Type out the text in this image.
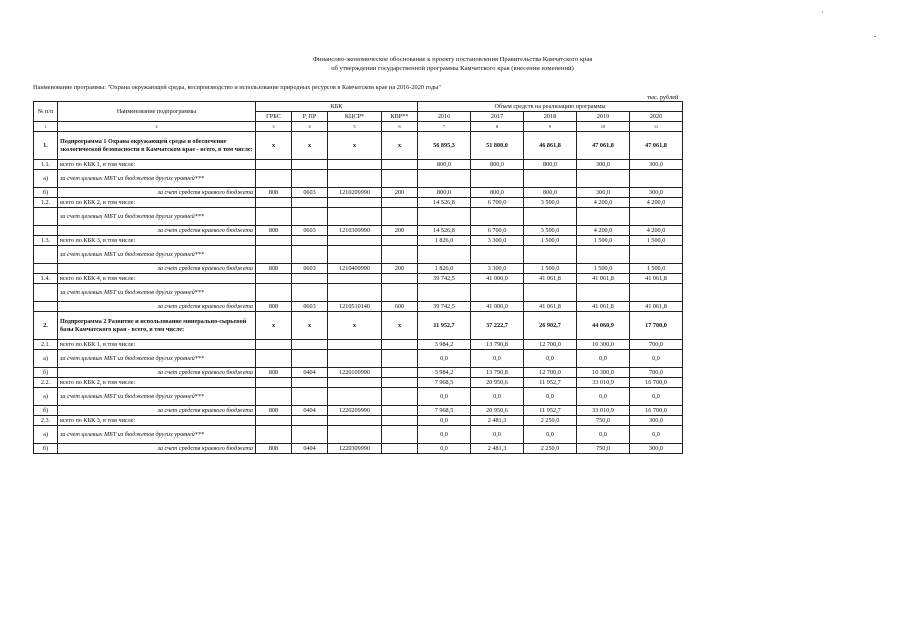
Финансово-экономическое обоснование к проекту постановления Правительства Камчатского края
об утверждении государственной программы Камчатского края (внесении изменений)
Наименование программы: "Охрана окружающей среды, воспроизводство и использование природных ресурсов в Камчатском крае на 2016-2020 годы"
тыс. рублей
№ п/п	Наименование подпрограммы	КБК				Объем средств на реализацию программы				
		ГРБС	Р, ПР	КЦСР*	КВР**	2016	2017	2018	2019	2020
1	2	3	4	5	6	7	8	9	10	11
1.	Подпрограмма 1 Охрана окружающей среды и обеспечение экологической безопасности в Камчатском крае - всего, в том числе:	х	х	х	х	56 895,3	51 800,0	46 861,8	47 061,8	47 061,8
1.1.	всего по КБК 1, в том числе:					800,0	800,0	800,0	300,0	300,0
а)	за счет целевых МБТ из бюджетов других уровней***									
б)	за счет средств краевого бюджета	808	0603	1210209990	200	800,0	800,0	800,0	300,0	300,0
1.2.	всего по КБК 2, в том числе:					14 526,8	6 700,0	3 500,0	4 200,0	4 200,0
	за счет целевых МБТ из бюджетов других уровней***									
	за счет средств краевого бюджета	808	0603	1210309990	200	14 526,8	6 700,0	3 500,0	4 200,0	4 200,0
1.3.	всего по КБК 3, в том числе:					1 826,0	3 300,0	1 500,0	1 500,0	1 500,0
	за счет целевых МБТ из бюджетов других уровней***									
	за счет средств краевого бюджета	808	0603	1210409990	200	1 826,0	3 300,0	1 500,0	1 500,0	1 500,0
1.4.	всего по КБК 4, в том числе:					39 742,5	41 000,0	41 061,8	41 061,8	41 061,8
	за счет целевых МБТ из бюджетов других уровней***									
	за счет средств краевого бюджета	808	0603	1210510140	600	39 742,5	41 000,0	41 061,8	41 061,8	41 061,8
2.	Подпрограмма 2 Развитие и использование минерально-сырьевой базы Камчатского края - всего, в том числе:	х	х	х	х	11 952,7	37 222,7	26 902,7	44 060,9	17 700,0
2.1.	всего по КБК 1, в том числе:					3 984,2	13 790,8	12 700,0	10 300,0	700,0
а)	за счет целевых МБТ из бюджетов других уровней***					0,0	0,0	0,0	0,0	0,0
б)	за счет средств краевого бюджета	808	0404	1220109990		3 984,2	13 790,8	12 700,0	10 300,0	700,0
2.2.	всего по КБК 2, в том числе:					7 968,5	20 950,6	11 952,7	33 010,9	16 700,0
а)	за счет целевых МБТ из бюджетов других уровней***					0,0	0,0	0,0	0,0	0,0
б)	за счет средств краевого бюджета	808	0404	1220209990		7 968,5	20 950,6	11 952,7	33 010,9	16 700,0
2.3.	всего по КБК 3, в том числе:					0,0	2 481,3	2 250,0	750,0	300,0
а)	за счет целевых МБТ из бюджетов других уровней***					0,0	0,0	0,0	0,0	0,0
б)	за счет средств краевого бюджета	808	0404	1220309990		0,0	2 481,3	2 250,0	750,0	300,0
